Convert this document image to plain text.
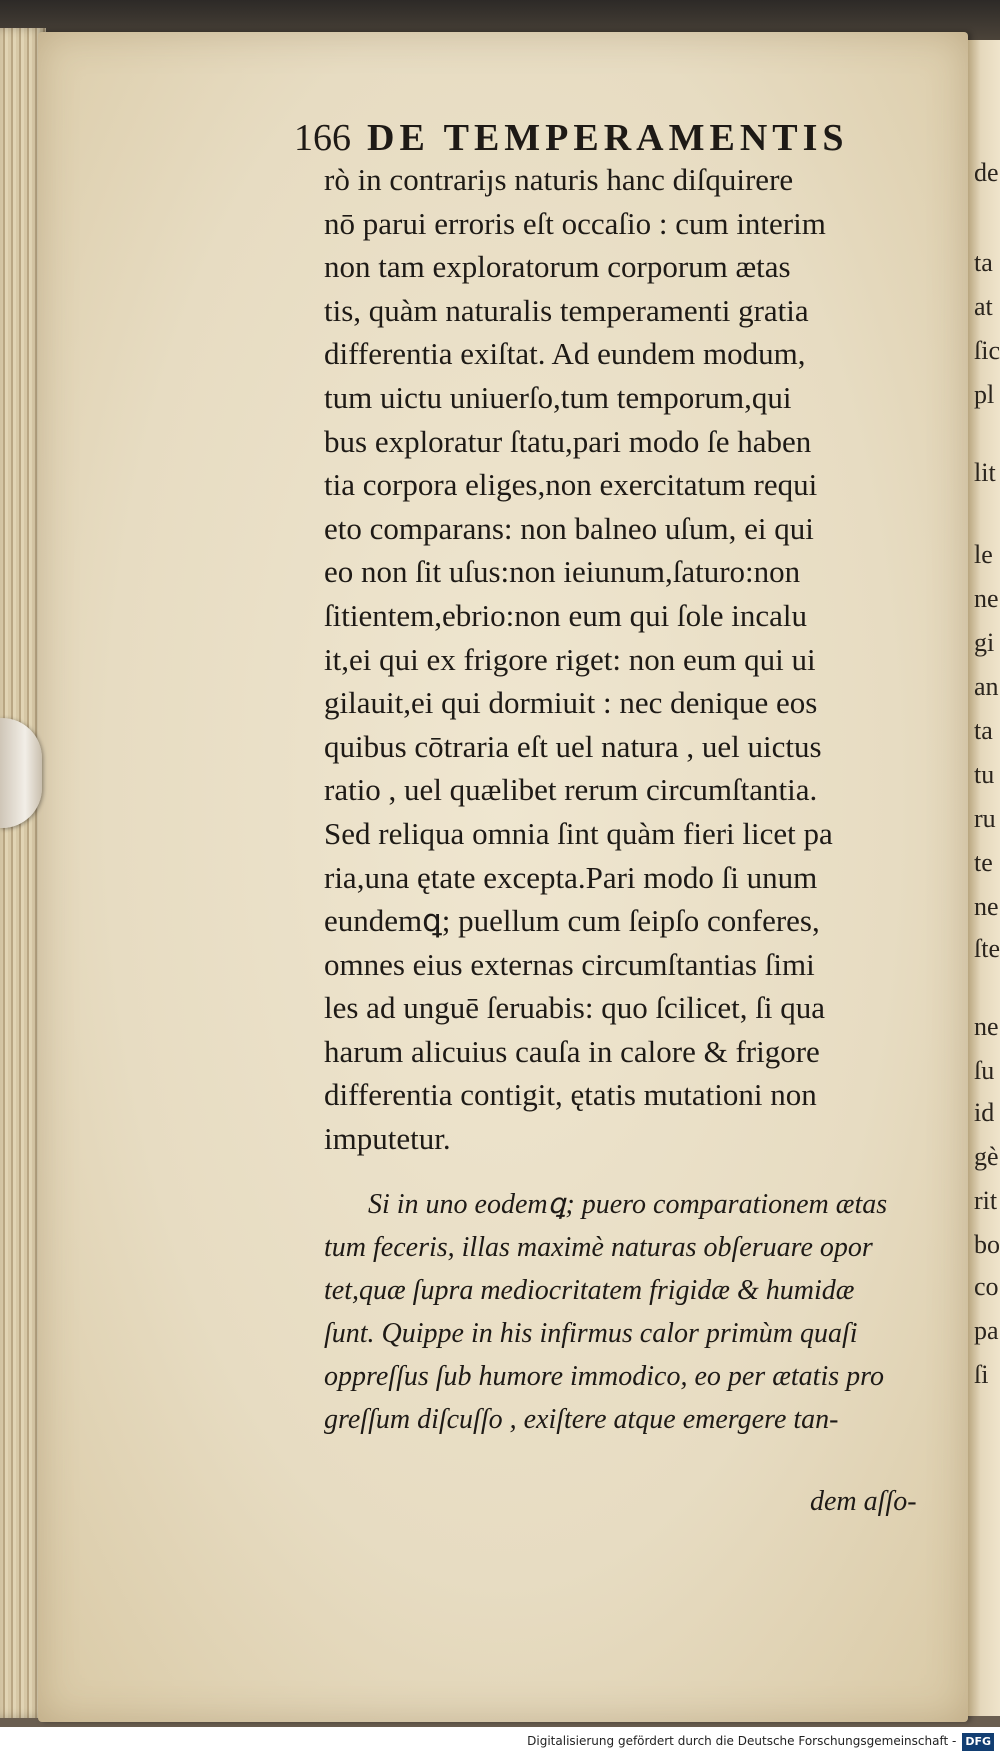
166 DE TEMPERAMENTIS
rò in contrariȷs naturis hanc diſquirere
nō parui erroris eſt occaſio : cum interim
non tam exploratorum corporum ætas
tis, quàm naturalis temperamenti gratia
differentia exiſtat. Ad eundem modum,
tum uictu uniuerſo,tum temporum,qui
bus exploratur ſtatu,pari modo ſe haben
tia corpora eliges,non exercitatum requi
eto comparans: non balneo uſum, ei qui
eo non ſit uſus:non ieiunum,ſaturo:non
ſitientem,ebrio:non eum qui ſole incalu
it,ei qui ex frigore riget: non eum qui ui
gilauit,ei qui dormiuit : nec denique eos
quibus cōtraria eſt uel natura , uel uictus
ratio , uel quælibet rerum circumſtantia.
Sed reliqua omnia ſint quàm fieri licet pa
ria,una ętate excepta.Pari modo ſi unum
eundemꝗ; puellum cum ſeipſo conferes,
omnes eius externas circumſtantias ſimi
les ad unguē ſeruabis: quo ſcilicet, ſi qua
harum alicuius cauſa in calore & frigore
differentia contigit, ętatis mutationi non
imputetur.
Si in uno eodemꝗ; puero comparationem ætas
tum feceris, illas maximè naturas obſeruare opor
tet,quæ ſupra mediocritatem frigidæ & humidæ
ſunt. Quippe in his infirmus calor primùm quaſi
oppreſſus ſub humore immodico, eo per ætatis pro
greſſum diſcuſſo , exiſtere atque emergere tan-
dem aſſo-
de
ta
at
ſic
pl
lit
le
ne
gi
an
ta
tu
ru
te
ne
ſte
ne
ſu
id
gè
rit
bo
co
pa
ſi
Digitalisierung gefördert durch die Deutsche Forschungsgemeinschaft - DFG
